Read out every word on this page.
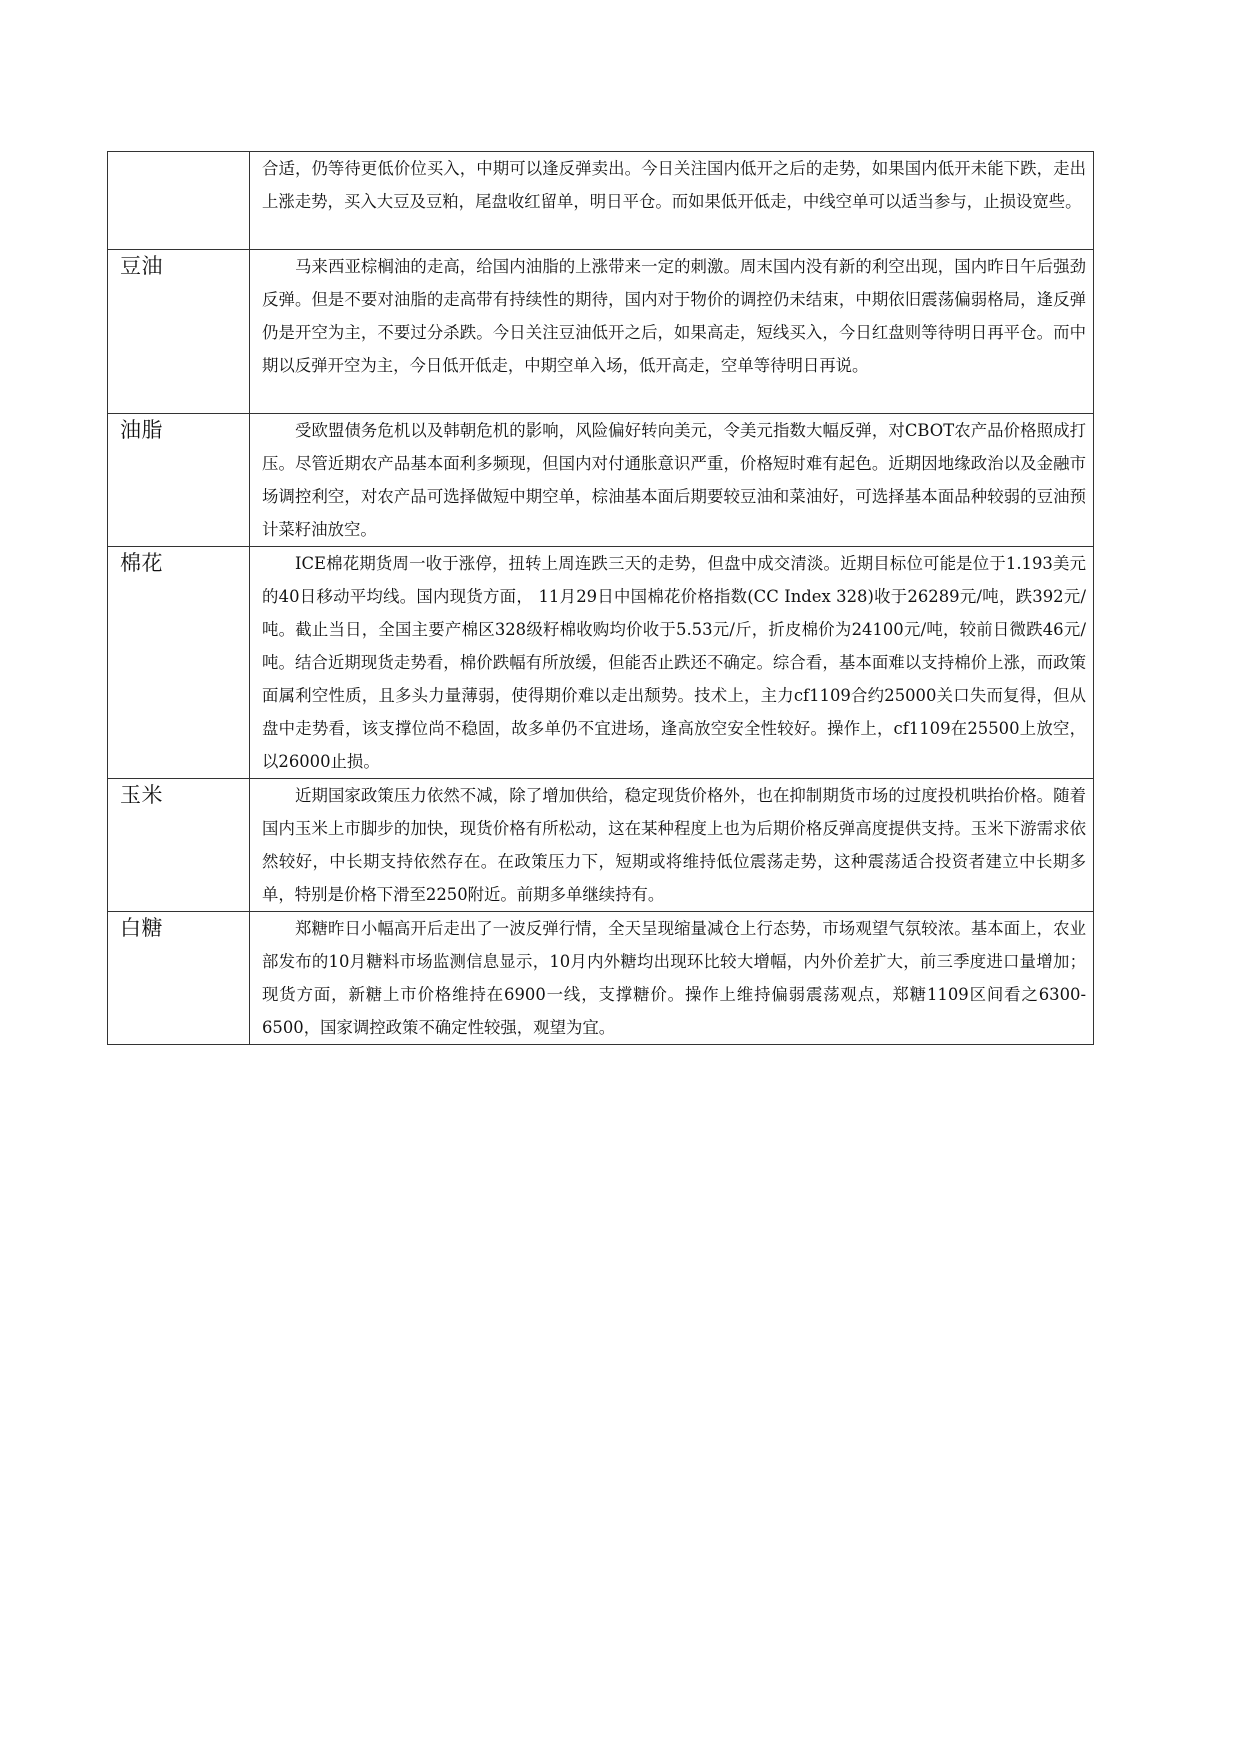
	合适，仍等待更低价位买入，中期可以逢反弹卖出。今日关注国内低开之后的走势，如果国内低开未能下跌，走出上涨走势，买入大豆及豆粕，尾盘收红留单，明日平仓。而如果低开低走，中线空单可以适当参与，止损设宽些。

豆油	马来西亚棕榈油的走高，给国内油脂的上涨带来一定的刺激。周末国内没有新的利空出现，国内昨日午后强劲反弹。但是不要对油脂的走高带有持续性的期待，国内对于物价的调控仍未结束，中期依旧震荡偏弱格局，逢反弹仍是开空为主，不要过分杀跌。今日关注豆油低开之后，如果高走，短线买入，今日红盘则等待明日再平仓。而中期以反弹开空为主，今日低开低走，中期空单入场，低开高走，空单等待明日再说。

油脂	受欧盟债务危机以及韩朝危机的影响，风险偏好转向美元，令美元指数大幅反弹，对CBOT农产品价格照成打压。尽管近期农产品基本面利多频现，但国内对付通胀意识严重，价格短时难有起色。近期因地缘政治以及金融市场调控利空，对农产品可选择做短中期空单，棕油基本面后期要较豆油和菜油好，可选择基本面品种较弱的豆油预计菜籽油放空。

棉花	ICE棉花期货周一收于涨停，扭转上周连跌三天的走势，但盘中成交清淡。近期目标位可能是位于1.193美元的40日移动平均线。国内现货方面， 11月29日中国棉花价格指数(CC Index 328)收于26289元/吨，跌392元/吨。截止当日，全国主要产棉区328级籽棉收购均价收于5.53元/斤，折皮棉价为24100元/吨，较前日微跌46元/吨。结合近期现货走势看，棉价跌幅有所放缓，但能否止跌还不确定。综合看，基本面难以支持棉价上涨，而政策面属利空性质，且多头力量薄弱，使得期价难以走出颓势。技术上，主力cf1109合约25000关口失而复得，但从盘中走势看，该支撑位尚不稳固，故多单仍不宜进场，逢高放空安全性较好。操作上，cf1109在25500上放空，以26000止损。

玉米	近期国家政策压力依然不减，除了增加供给，稳定现货价格外，也在抑制期货市场的过度投机哄抬价格。随着国内玉米上市脚步的加快，现货价格有所松动，这在某种程度上也为后期价格反弹高度提供支持。玉米下游需求依然较好，中长期支持依然存在。在政策压力下，短期或将维持低位震荡走势，这种震荡适合投资者建立中长期多单，特别是价格下滑至2250附近。前期多单继续持有。

白糖	郑糖昨日小幅高开后走出了一波反弹行情，全天呈现缩量减仓上行态势，市场观望气氛较浓。基本面上，农业部发布的10月糖料市场监测信息显示，10月内外糖均出现环比较大增幅，内外价差扩大，前三季度进口量增加；现货方面，新糖上市价格维持在6900一线，支撑糖价。操作上维持偏弱震荡观点，郑糖1109区间看之6300-6500，国家调控政策不确定性较强，观望为宜。
